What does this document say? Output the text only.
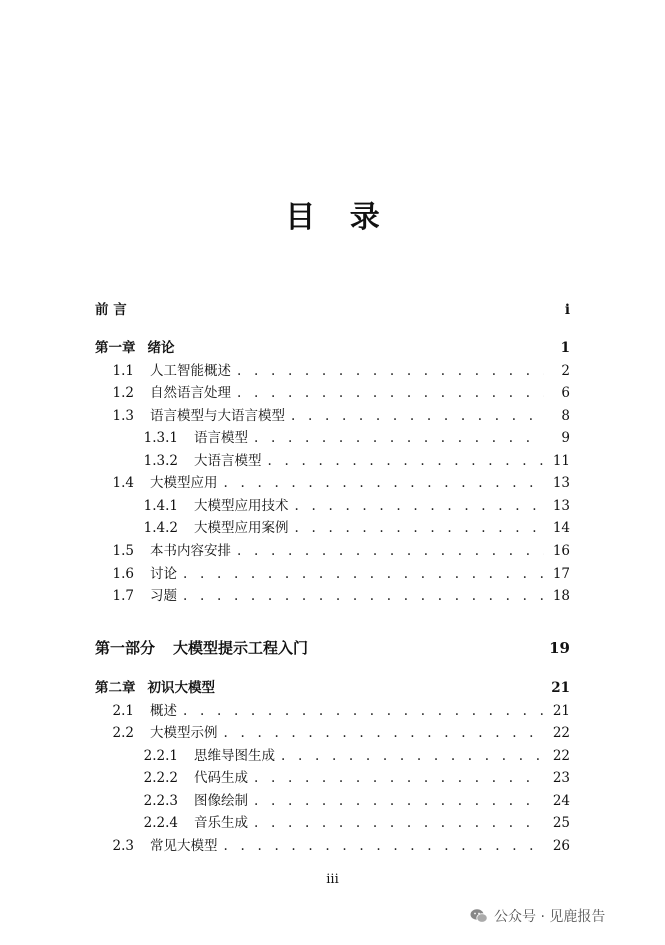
目 录
前 言	i
第一章 绪论	1
1.1 人工智能概述 . . .	2
1.2 自然语言处理 . . .	6
1.3 语言模型与大语言模型 . . .	8
1.3.1 语言模型 . . .	9
1.3.2 大语言模型 . . .	11
1.4 大模型应用 . . .	13
1.4.1 大模型应用技术 . . .	13
1.4.2 大模型应用案例 . . .	14
1.5 本书内容安排 . . .	16
1.6 讨论 . . .	17
1.7 习题 . . .	18
第一部分 大模型提示工程入门	19
第二章 初识大模型	21
2.1 概述 . . .	21
2.2 大模型示例 . . .	22
2.2.1 思维导图生成 . . .	22
2.2.2 代码生成 . . .	23
2.2.3 图像绘制 . . .	24
2.2.4 音乐生成 . . .	25
2.3 常见大模型 . . .	26
iii
公众号 · 见鹿报告
